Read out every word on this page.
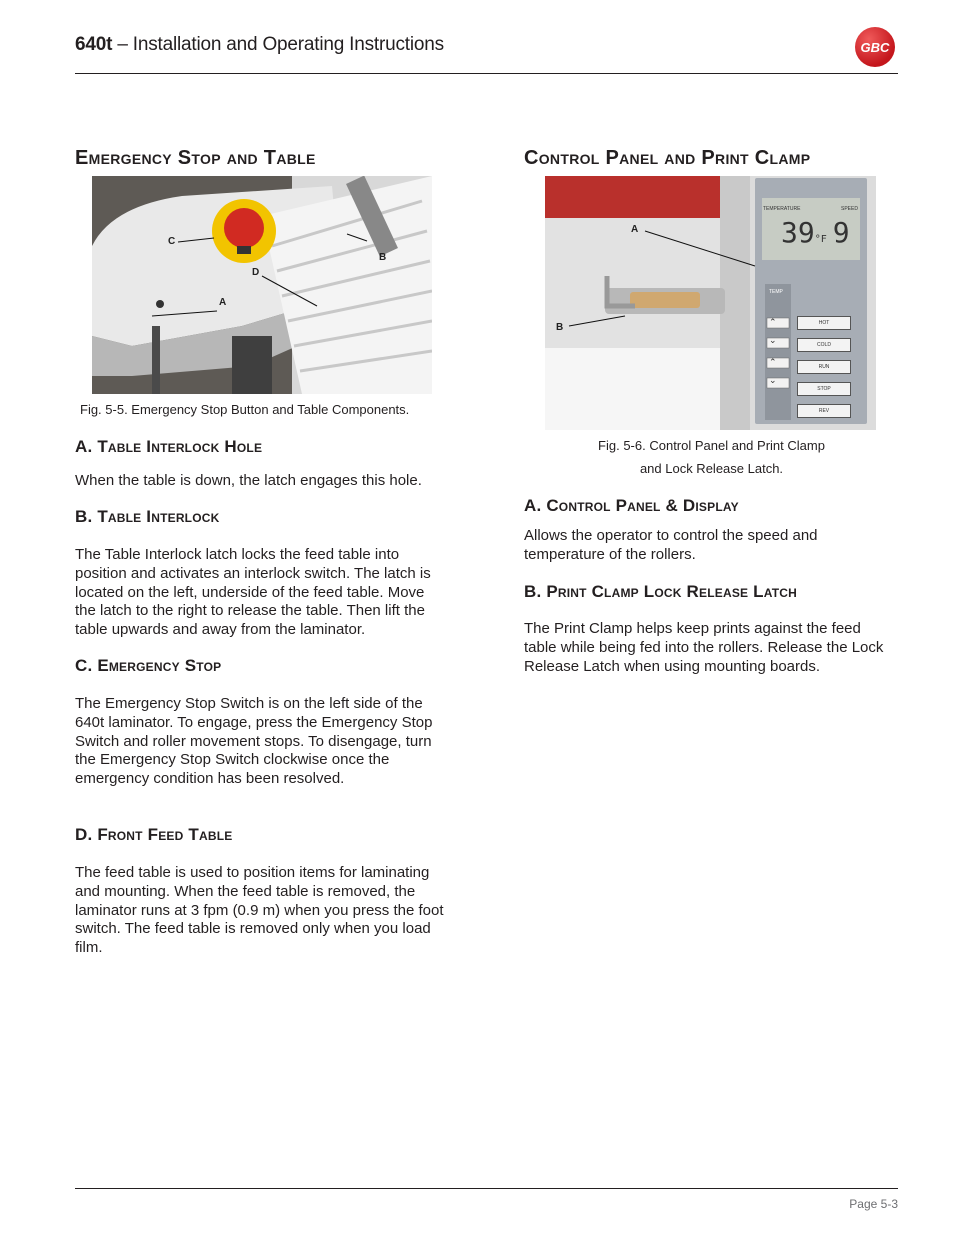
640t – Installation and Operating Instructions	GBC
Emergency Stop and Table
C
B
D
A
Fig. 5-5. Emergency Stop Button and Table Components.
A. Table Interlock Hole

When the table is down, the latch engages this hole.

B. Table Interlock

The Table Interlock latch locks the feed table into position and activates an interlock switch. The latch is located on the left, underside of the feed table. Move the latch to the right to release the table. Then lift the table upwards and away from the laminator.

C. Emergency Stop

The Emergency Stop Switch is on the left side of the 640t laminator. To engage, press the Emergency Stop Switch and roller movement stops. To disengage, turn the Emergency Stop Switch clockwise once the emergency condition has been resolved.

D. Front Feed Table

The feed table is used to position items for laminating and mounting. When the feed table is removed, the laminator runs at 3 fpm (0.9 m) when you press the foot switch. The feed table is removed only when you load film.

Control Panel and Print Clamp
A
B
TEMPERATURE	SPEED
39°F 9
TEMP
⌃
⌄
⌃
⌄
HOT
COLD
RUN
STOP
REV
Fig. 5-6. Control Panel and Print Clamp
and Lock Release Latch.
A. Control Panel & Display

Allows the operator to control the speed and temperature of the rollers.

B. Print Clamp Lock Release Latch

The Print Clamp helps keep prints against the feed table while being fed into the rollers. Release the Lock Release Latch when using mounting boards.

Page 5-3
